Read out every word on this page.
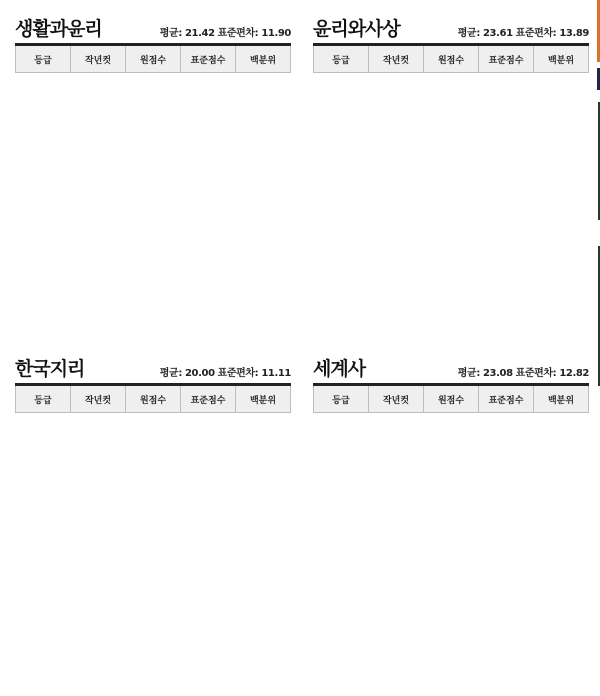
생활과윤리	평균: 21.42 표준편차: 11.90
등급	작년컷	원점수	표준점수	백분위
윤리와사상	평균: 23.61 표준편차: 13.89
등급	작년컷	원점수	표준점수	백분위
한국지리	평균: 20.00 표준편차: 11.11
등급	작년컷	원점수	표준점수	백분위
세계사	평균: 23.08 표준편차: 12.82
등급	작년컷	원점수	표준점수	백분위
